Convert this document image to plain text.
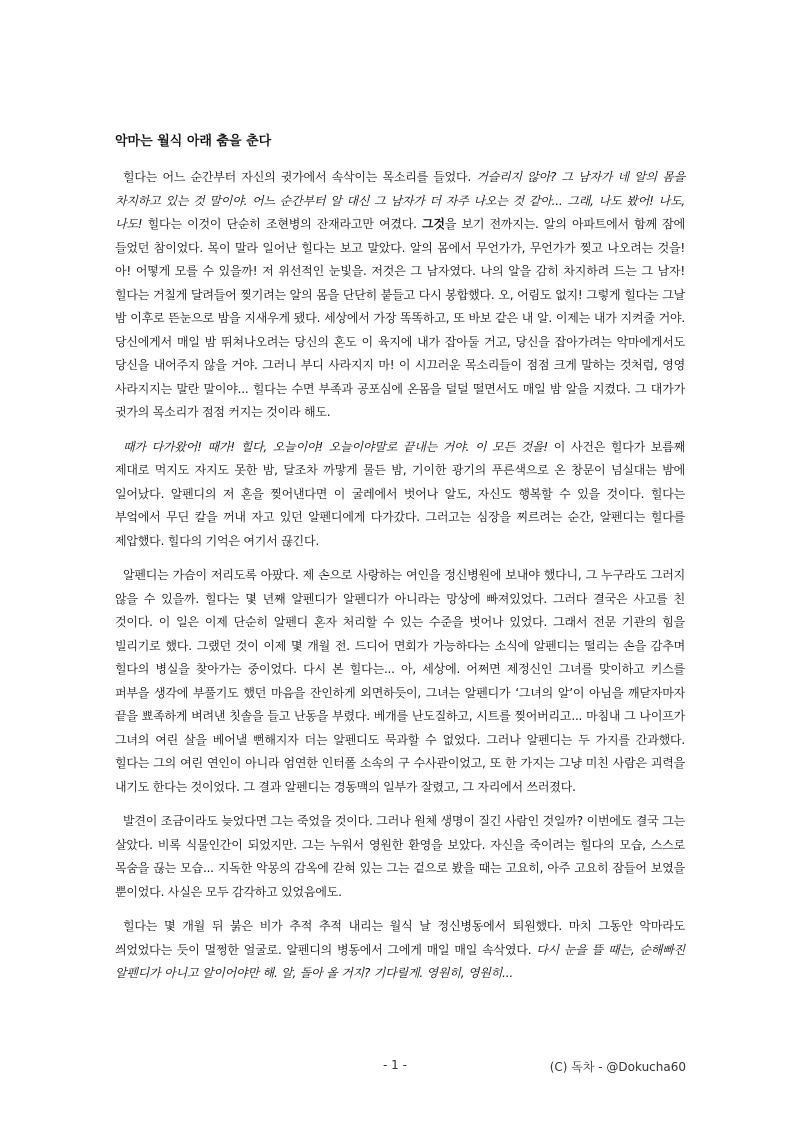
악마는 월식 아래 춤을 춘다

힐다는 어느 순간부터 자신의 귓가에서 속삭이는 목소리를 들었다. 거슬리지 않아? 그 남자가 네 알의 몸을 차지하고 있는 것 말이야. 어느 순간부터 알 대신 그 남자가 더 자주 나오는 것 같아... 그래, 나도 봤어! 나도, 나도! 힐다는 이것이 단순히 조현병의 잔재라고만 여겼다. 그것을 보기 전까지는. 알의 아파트에서 함께 잠에 들었던 참이었다. 목이 말라 일어난 힐다는 보고 말았다. 알의 몸에서 무언가가, 무언가가 찢고 나오려는 것을! 아! 어떻게 모를 수 있을까! 저 위선적인 눈빛을. 저것은 그 남자였다. 나의 알을 감히 차지하려 드는 그 남자! 힐다는 거칠게 달려들어 찢기려는 알의 몸을 단단히 붙들고 다시 봉합했다. 오, 어림도 없지! 그렇게 힐다는 그날 밤 이후로 뜬눈으로 밤을 지새우게 됐다. 세상에서 가장 똑똑하고, 또 바보 같은 내 알. 이제는 내가 지켜줄 거야. 당신에게서 매일 밤 뛰쳐나오려는 당신의 혼도 이 육지에 내가 잡아둘 거고, 당신을 잡아가려는 악마에게서도 당신을 내어주지 않을 거야. 그러니 부디 사라지지 마! 이 시끄러운 목소리들이 점점 크게 말하는 것처럼, 영영 사라지지는 말란 말이야... 힐다는 수면 부족과 공포심에 온몸을 덜덜 떨면서도 매일 밤 알을 지켰다. 그 대가가 귓가의 목소리가 점점 커지는 것이라 해도.

때가 다가왔어! 때가! 힐다, 오늘이야! 오늘이야말로 끝내는 거야. 이 모든 것을! 이 사건은 힐다가 보름째 제대로 먹지도 자지도 못한 밤, 달조차 까맣게 물든 밤, 기이한 광기의 푸른색으로 온 창문이 넘실대는 밤에 일어났다. 알펜디의 저 혼을 찢어낸다면 이 굴레에서 벗어나 알도, 자신도 행복할 수 있을 것이다. 힐다는 부엌에서 무딘 칼을 꺼내 자고 있던 알펜디에게 다가갔다. 그러고는 심장을 찌르려는 순간, 알펜디는 힐다를 제압했다. 힐다의 기억은 여기서 끊긴다.

알펜디는 가슴이 저리도록 아팠다. 제 손으로 사랑하는 여인을 정신병원에 보내야 했다니, 그 누구라도 그러지 않을 수 있을까. 힐다는 몇 년째 알펜디가 알펜디가 아니라는 망상에 빠져있었다. 그러다 결국은 사고를 친 것이다. 이 일은 이제 단순히 알펜디 혼자 처리할 수 있는 수준을 벗어나 있었다. 그래서 전문 기관의 힘을 빌리기로 했다. 그랬던 것이 이제 몇 개월 전. 드디어 면회가 가능하다는 소식에 알펜디는 떨리는 손을 감추며 힐다의 병실을 찾아가는 중이었다. 다시 본 힐다는... 아, 세상에. 어쩌면 제정신인 그녀를 맞이하고 키스를 퍼부을 생각에 부풀기도 했던 마음을 잔인하게 외면하듯이, 그녀는 알펜디가 ‘그녀의 알’이 아님을 깨닫자마자 끝을 뾰족하게 벼려낸 칫솔을 들고 난동을 부렸다. 베개를 난도질하고, 시트를 찢어버리고... 마침내 그 나이프가 그녀의 여린 살을 베어낼 뻔해지자 더는 알펜디도 묵과할 수 없었다. 그러나 알펜디는 두 가지를 간과했다. 힐다는 그의 여린 연인이 아니라 엄연한 인터폴 소속의 구 수사관이었고, 또 한 가지는 그냥 미친 사람은 괴력을 내기도 한다는 것이었다. 그 결과 알펜디는 경동맥의 일부가 잘렸고, 그 자리에서 쓰러졌다.

발견이 조금이라도 늦었다면 그는 죽었을 것이다. 그러나 원체 생명이 질긴 사람인 것일까? 이번에도 결국 그는 살았다. 비록 식물인간이 되었지만. 그는 누워서 영원한 환영을 보았다. 자신을 죽이려는 힐다의 모습, 스스로 목숨을 끊는 모습... 지독한 악몽의 감옥에 갇혀 있는 그는 겉으로 봤을 때는 고요히, 아주 고요히 잠들어 보였을 뿐이었다. 사실은 모두 감각하고 있었음에도.

힐다는 몇 개월 뒤 붉은 비가 추적 추적 내리는 월식 날 정신병동에서 퇴원했다. 마치 그동안 악마라도 씌었었다는 듯이 멀쩡한 얼굴로. 알펜디의 병동에서 그에게 매일 매일 속삭였다. 다시 눈을 뜰 때는, 순해빠진 알펜디가 아니고 알이어야만 해. 알, 돌아 올 거지? 기다릴게. 영원히, 영원히...

- 1 -	(C) 독차 - @Dokucha60
